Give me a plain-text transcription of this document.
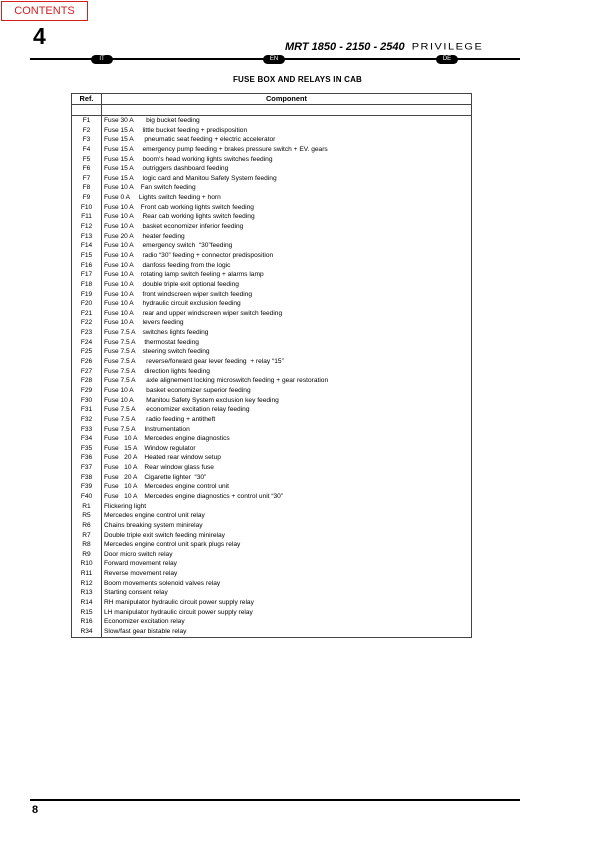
CONTENTS
4	MRT 1850 - 2150 - 2540 PRIVILEGE
IT	EN	DE
FUSE BOX AND RELAYS IN CAB
Ref.	Component

F1	Fuse 30 A       big bucket feeding
F2	Fuse 15 A     little bucket feeding + predisposition
F3	Fuse 15 A      pneumatic seat feeding + electric accelerator
F4	Fuse 15 A     emergency pump feeding + brakes pressure switch + EV. gears
F5	Fuse 15 A     boom’s head working lights switches feeding
F6	Fuse 15 A     outriggers dashboard feeding
F7	Fuse 15 A     logic card and Manitou Safety System feeding
F8	Fuse 10 A    Fan switch feeding
F9	Fuse 0 A     Lights switch feeding + horn
F10	Fuse 10 A    Front cab working lights switch feeding
F11	Fuse 10 A     Rear cab working lights switch feeding
F12	Fuse 10 A     basket economizer inferior feeding
F13	Fuse 20 A     heater feeding
F14	Fuse 10 A     emergency switch  “30”feeding
F15	Fuse 10 A     radio “30” feeding + connector predisposition
F16	Fuse 10 A     danfoss feeding from the logic
F17	Fuse 10 A    rotating lamp switch feeling + alarms lamp
F18	Fuse 10 A     double triple exit optional feeding
F19	Fuse 10 A     front windscreen wiper switch feeding
F20	Fuse 10 A     hydraulic circuit exclusion feeding
F21	Fuse 10 A     rear and upper windscreen wiper switch feeding
F22	Fuse 10 A     levers feeding
F23	Fuse 7.5 A    switches lights feeding
F24	Fuse 7.5 A     thermostat feeding
F25	Fuse 7.5 A    steering switch feeding
F26	Fuse 7.5 A      reverse/forward gear lever feeding  + relay “15”
F27	Fuse 7.5 A     direction lights feeding
F28	Fuse 7.5 A      axle alignement locking microswitch feeding + gear restoration
F29	Fuse 10 A       basket economizer superior feeding
F30	Fuse 10 A       Manitou Safety System exclusion key feeding
F31	Fuse 7.5 A      economizer excitation relay feeding
F32	Fuse 7.5 A      radio feeding + antitheft
F33	Fuse 7.5 A     Instrumentation
F34	Fuse   10 A    Mercedes engine diagnostics
F35	Fuse   15 A    Window regulator
F36	Fuse   20 A    Heated rear window setup
F37	Fuse   10 A    Rear window glass fuse
F38	Fuse   20 A    Cigarette lighter  “30”
F39	Fuse   10 A    Mercedes engine control unit
F40	Fuse   10 A    Mercedes engine diagnostics + control unit “30”
R1	Flickering light
R5	Mercedes engine control unit relay
R6	Chains breaking system minirelay
R7	Double triple exit switch feeding minirelay
R8	Mercedes engine control unit spark plugs relay
R9	Door micro switch relay
R10	Forward movement relay
R11	Reverse movement relay
R12	Boom movements solenoid valves relay
R13	Starting consent relay
R14	RH manipulator hydraulic circuit power supply relay
R15	LH manipulator hydraulic circuit power supply relay
R16	Economizer excitation relay
R34	Slow/fast gear bistable relay
8
